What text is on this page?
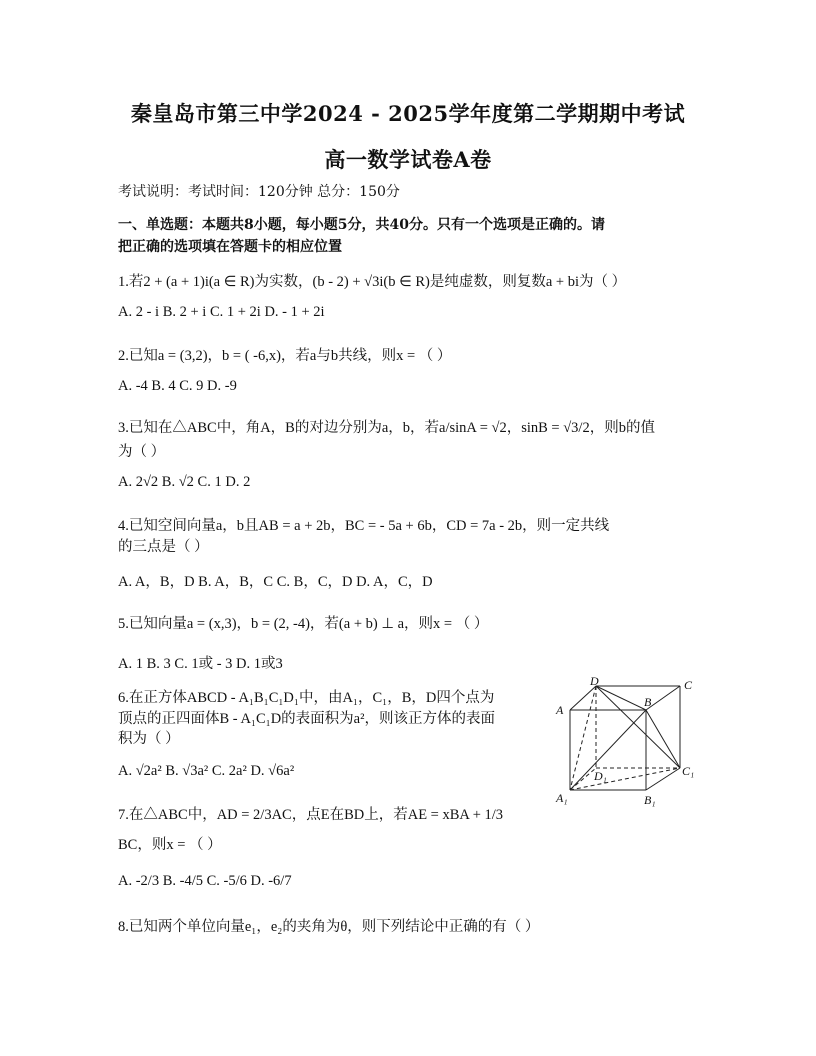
秦皇岛市第三中学2024 - 2025学年度第二学期期中考试
高一数学试卷A卷
考试说明：考试时间：120分钟 总分：150分
一、单选题：本题共8小题，每小题5分，共40分。只有一个选项是正确的。请
把正确的选项填在答题卡的相应位置
1.若2 + (a + 1)i(a ∈ R)为实数，(b - 2) + √3i(b ∈ R)是纯虚数，则复数a + bi为（ ）
A. 2 - i B. 2 + i C. 1 + 2i D. - 1 + 2i
2.已知a = (3,2)，b = ( -6,x)，若a与b共线，则x = （ ）
A. -4 B. 4 C. 9 D. -9
3.已知在△ABC中，角A，B的对边分别为a，b，若a/sinA = √2，sinB = √3/2，则b的值
为（ ）
A. 2√2 B. √2 C. 1 D. 2
4.已知空间向量a，b且AB = a + 2b，BC = - 5a + 6b，CD = 7a - 2b，则一定共线
的三点是（ ）
A. A，B，D B. A，B，C C. B，C，D D. A，C，D
5.已知向量a = (x,3)，b = (2, -4)，若(a + b) ⊥ a，则x = （ ）
A. 1 B. 3 C. 1或 - 3 D. 1或3
6.在正方体ABCD - A₁B₁C₁D₁中，由A₁，C₁，B，D四个点为
顶点的正四面体B - A₁C₁D的表面积为a²，则该正方体的表面
积为（ ）
A. √2a² B. √3a² C. 2a² D. √6a²
7.在△ABC中，AD = 2/3AC，点E在BD上，若AE = xBA + 1/3
BC，则x = （ ）
A. -2/3 B. -4/5 C. -5/6 D. -6/7
8.已知两个单位向量e₁，e₂的夹角为θ，则下列结论中正确的有（ ）
D	C
A
B
D₁	C₁
A₁	B₁
